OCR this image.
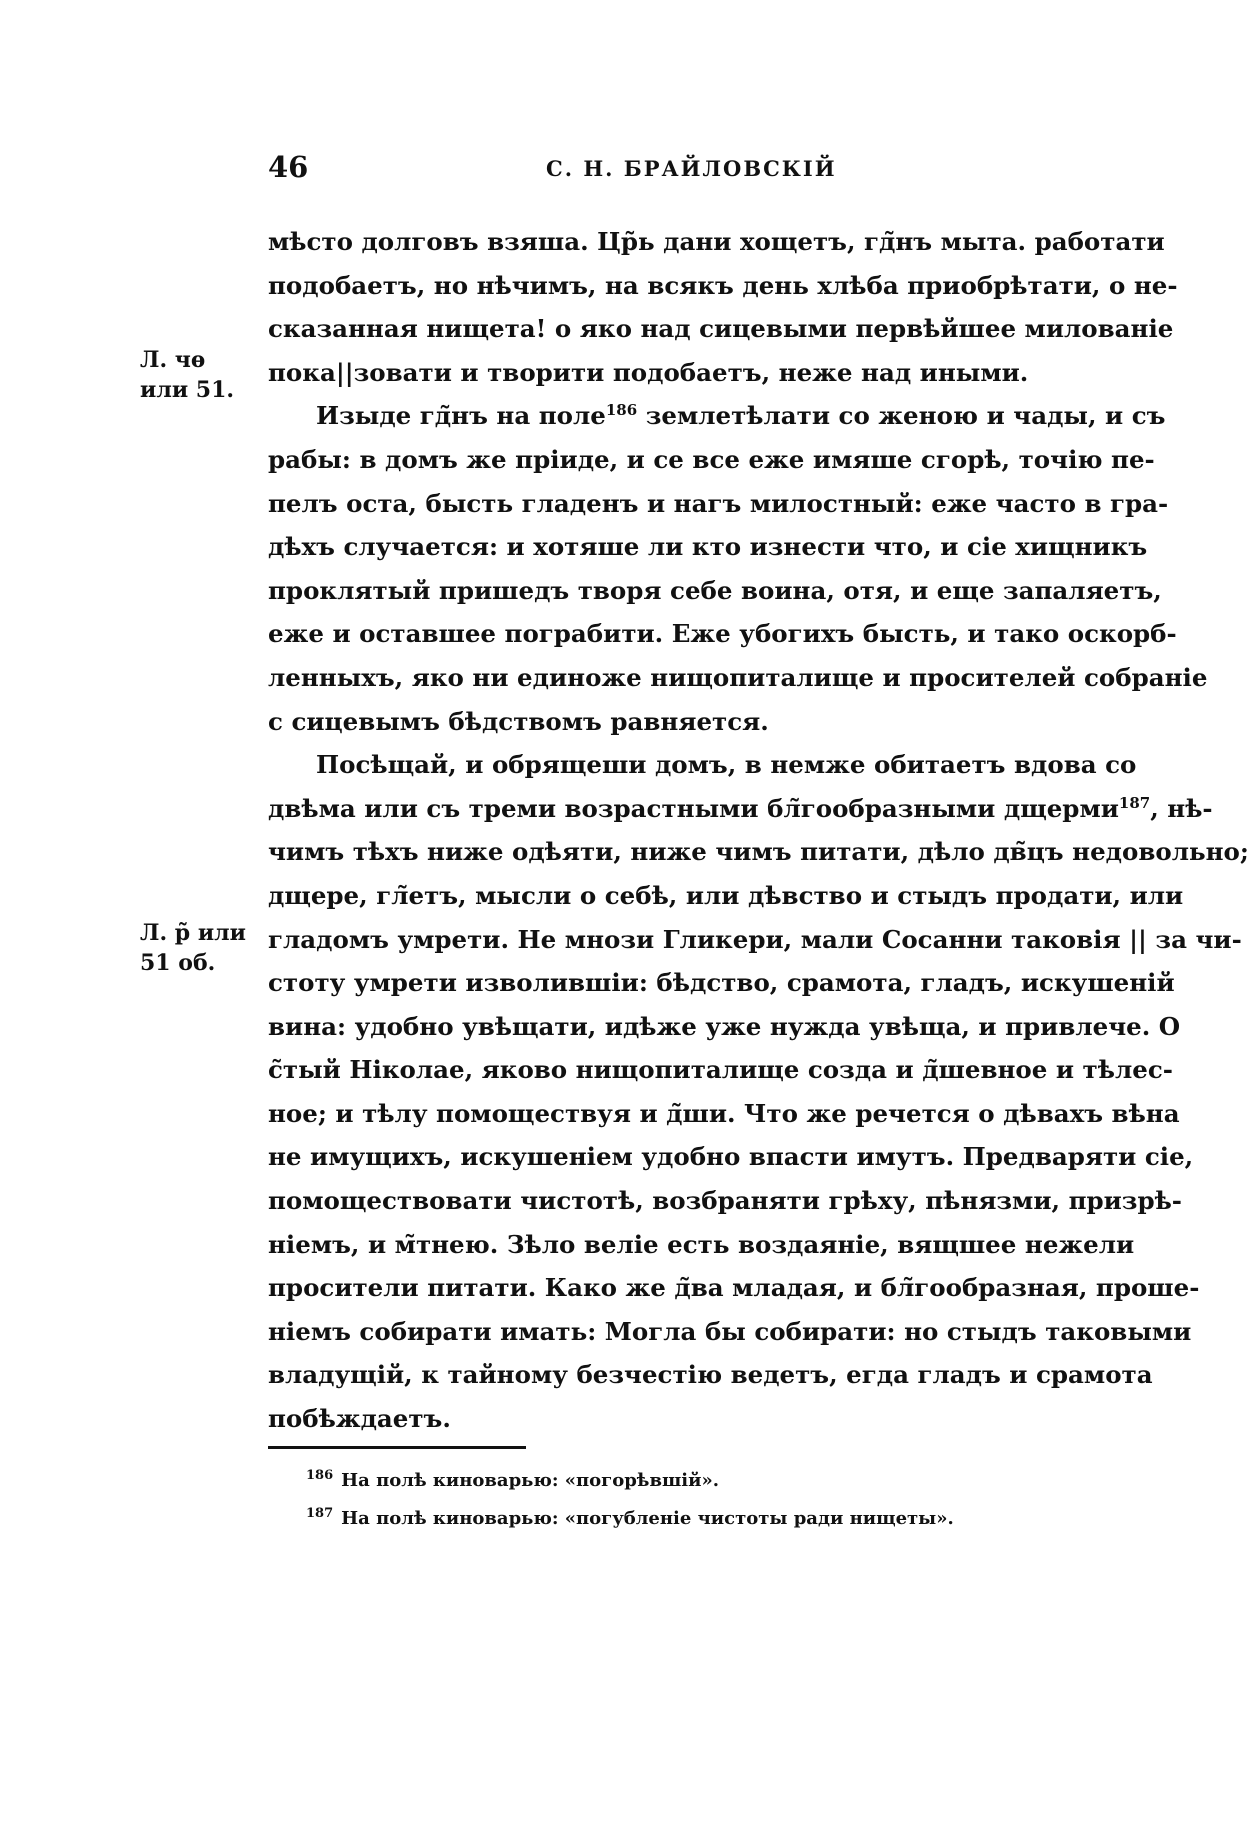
46	С. Н. БРАЙЛОВСКІЙ
Л. чѳ или 51.
Л. р̃ или 51 об.
мѣсто долговъ взяша. Цр̃ь дани хощетъ, гд̃нъ мыта. работати
подобаетъ, но нѣчимъ, на всякъ день хлѣба приобрѣтати, о не-
сказанная нищета! о яко над сицевыми первѣйшее милованіе
пока||зовати и творити подобаетъ, неже над иными.
Изыде гд̃нъ на поле$^{186}$ землетѣлати со женою и чады, и съ
рабы: в домъ же пріиде, и се все еже имяше сгорѣ, точію пе-
пелъ оста, бысть гладенъ и нагъ милостный: еже часто в гра-
дѣхъ случается: и хотяше ли кто изнести что, и сіе хищникъ
проклятый пришедъ творя себе воина, отя, и еще запаляетъ,
еже и оставшее пограбити. Еже убогихъ бысть, и тако оскорб-
ленныхъ, яко ни единоже нищопиталище и просителей собраніе
с сицевымъ бѣдствомъ равняется.
Посѣщай, и обрящеши домъ, в немже обитаетъ вдова со
двѣма или съ треми возрастными бл̃гообразными дщерми$^{187}$, нѣ-
чимъ тѣхъ ниже одѣяти, ниже чимъ питати, дѣло дв̃цъ недовольно;
дщере, гл̃етъ, мысли о себѣ, или дѣвство и стыдъ продати, или
гладомъ умрети. Не мнози Гликери, мали Сосанни таковія || за чи-
стоту умрети изволившіи: бѣдство, срамота, гладъ, искушеній
вина: удобно увѣщати, идѣже уже нужда увѣща, и привлече. О
с̃тый Ніколае, яково нищопиталище созда и д̃шевное и тѣлес-
ное; и тѣлу помоществуя и д̃ши. Что же речется о дѣвахъ вѣна
не имущихъ, искушеніем удобно впасти имутъ. Предваряти сіе,
помоществовати чистотѣ, возбраняти грѣху, пѣнязми, призрѣ-
ніемъ, и м̃тнею. Зѣло веліе есть воздаяніе, вящшее нежели
просители питати. Како же д̃ва младая, и бл̃гообразная, проше-
ніемъ собирати имать: Могла бы собирати: но стыдъ таковыми
владущій, к тайному безчестію ведетъ, егда гладъ и срамота
побѣждаетъ.
$^{186}$ На полѣ киноварью: «погорѣвшій».
$^{187}$ На полѣ киноварью: «погубленіе чистоты ради нищеты».
